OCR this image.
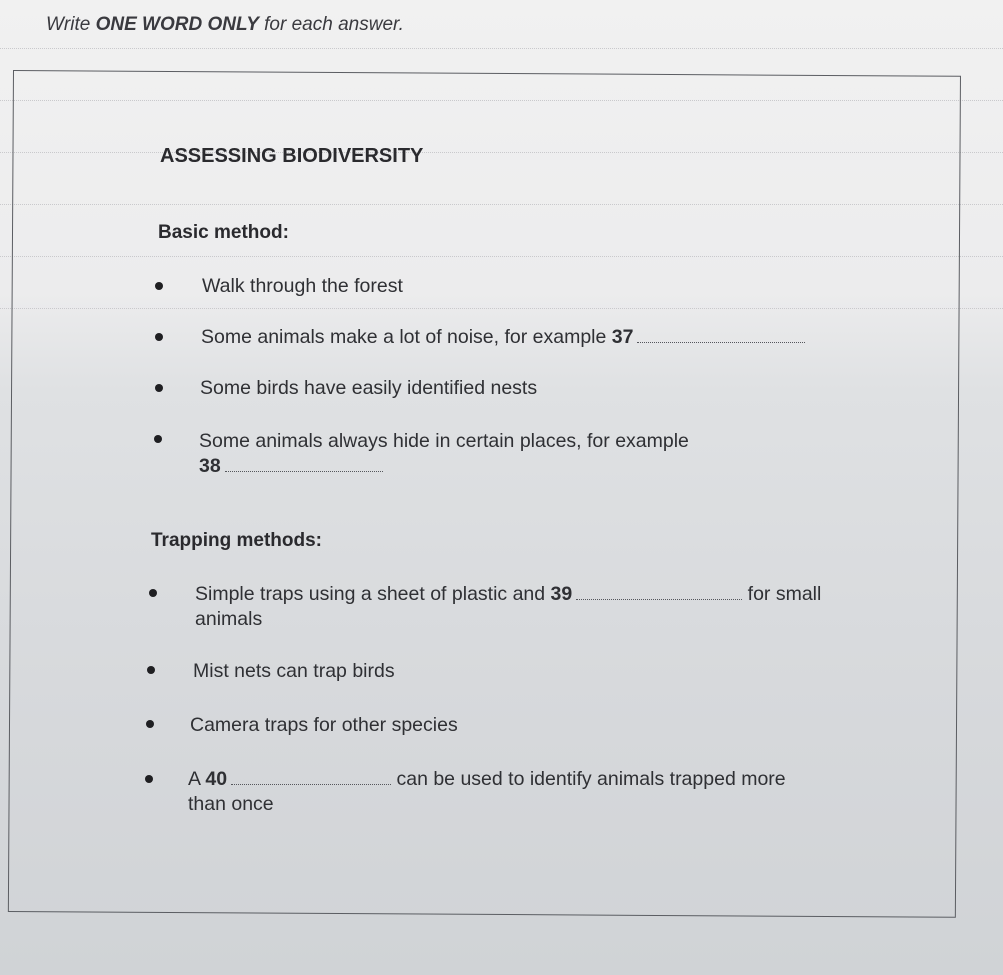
Write ONE WORD ONLY for each answer.
ASSESSING BIODIVERSITY
Basic method:
Walk through the forest
Some animals make a lot of noise, for example 37
Some birds have easily identified nests
Some animals always hide in certain places, for example
38
Trapping methods:
Simple traps using a sheet of plastic and 39	for small
animals
Mist nets can trap birds
Camera traps for other species
A 40	can be used to identify animals trapped more
than once
